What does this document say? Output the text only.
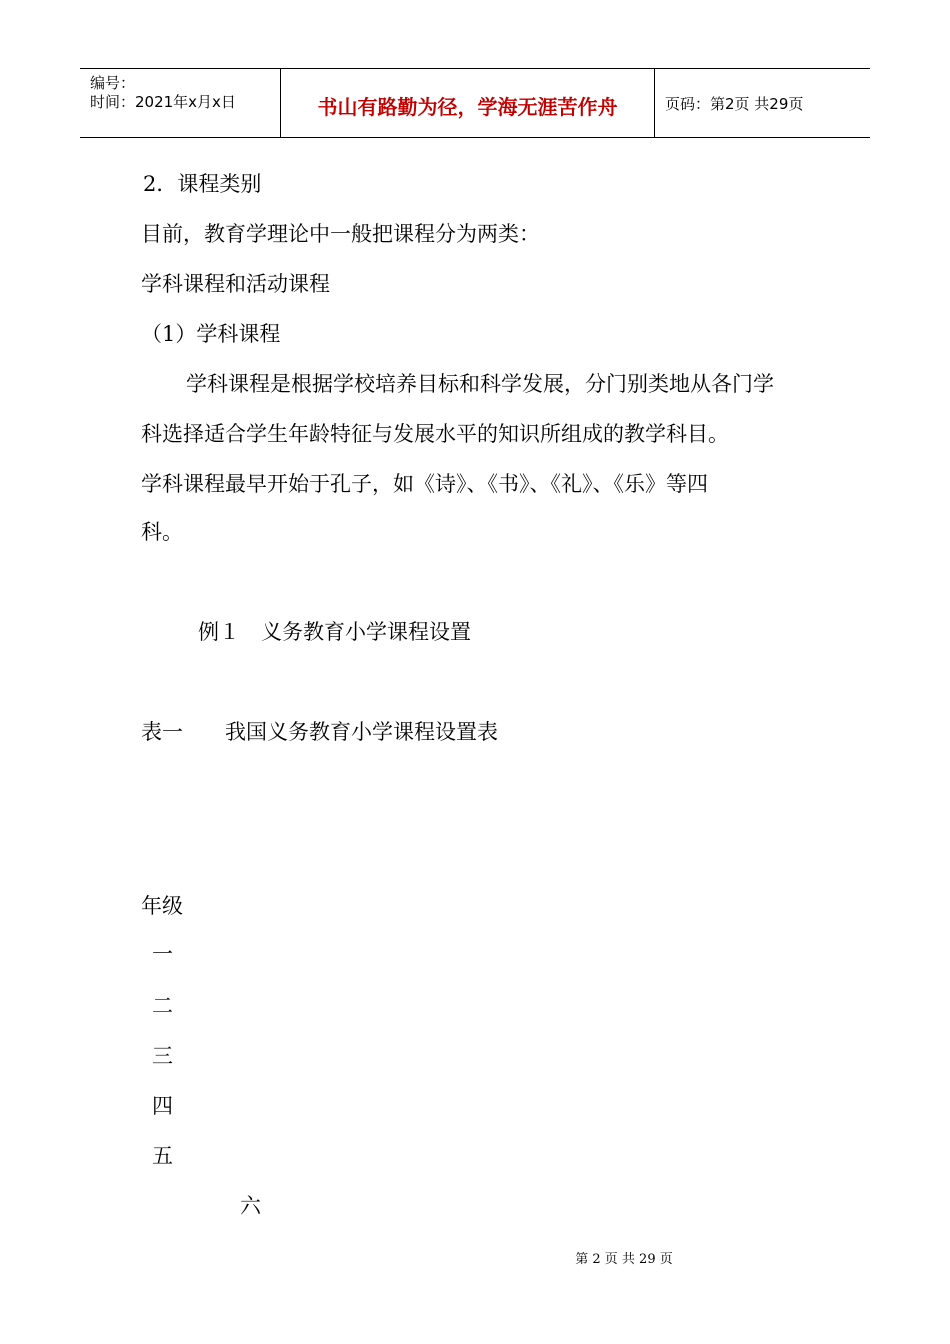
编号：
时间：2021年x月x日	书山有路勤为径，学海无涯苦作舟	页码：第2页 共29页
2．课程类别
目前，教育学理论中一般把课程分为两类：
学科课程和活动课程
（1）学科课程
学科课程是根据学校培养目标和科学发展，分门别类地从各门学
科选择适合学生年龄特征与发展水平的知识所组成的教学科目。
学科课程最早开始于孔子，如《诗》、《书》、《礼》、《乐》等四
科。
例１　义务教育小学课程设置
表一　　我国义务教育小学课程设置表
年级
一
二
三
四
五
六
第 2 页 共 29 页
